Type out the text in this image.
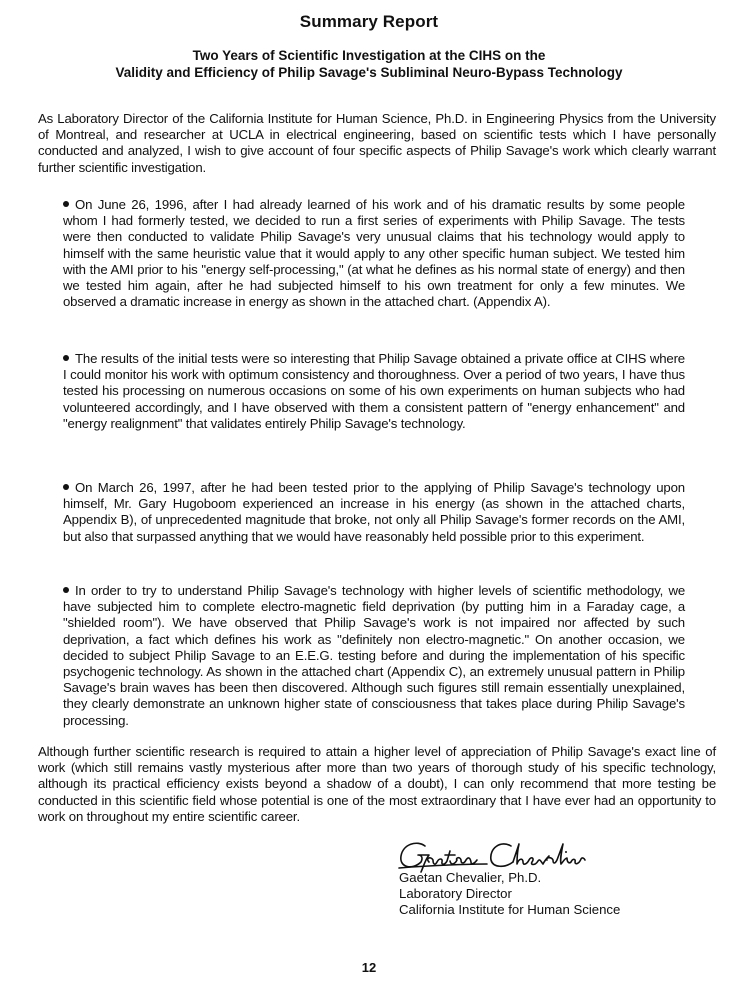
Summary Report
Two Years of Scientific Investigation at the CIHS on the
Validity and Efficiency of Philip Savage's Subliminal Neuro-Bypass Technology

As Laboratory Director of the California Institute for Human Science, Ph.D. in Engineering Physics from the University of Montreal, and researcher at UCLA in electrical engineering, based on scientific tests which I have personally conducted and analyzed, I wish to give account of four specific aspects of Philip Savage's work which clearly warrant further scientific investigation.

On June 26, 1996, after I had already learned of his work and of his dramatic results by some people whom I had formerly tested, we decided to run a first series of experiments with Philip Savage. The tests were then conducted to validate Philip Savage's very unusual claims that his technology would apply to himself with the same heuristic value that it would apply to any other specific human subject. We tested him with the AMI prior to his "energy self-processing," (at what he defines as his normal state of energy) and then we tested him again, after he had subjected himself to his own treatment for only a few minutes. We observed a dramatic increase in energy as shown in the attached chart. (Appendix A).

The results of the initial tests were so interesting that Philip Savage obtained a private office at CIHS where I could monitor his work with optimum consistency and thoroughness. Over a period of two years, I have thus tested his processing on numerous occasions on some of his own experiments on human subjects who had volunteered accordingly, and I have observed with them a consistent pattern of "energy enhancement" and "energy realignment" that validates entirely Philip Savage's technology.

On March 26, 1997, after he had been tested prior to the applying of Philip Savage's technology upon himself, Mr. Gary Hugoboom experienced an increase in his energy (as shown in the attached charts, Appendix B), of unprecedented magnitude that broke, not only all Philip Savage's former records on the AMI, but also that surpassed anything that we would have reasonably held possible prior to this experiment.

In order to try to understand Philip Savage's technology with higher levels of scientific methodology, we have subjected him to complete electro-magnetic field deprivation (by putting him in a Faraday cage, a "shielded room"). We have observed that Philip Savage's work is not impaired nor affected by such deprivation, a fact which defines his work as "definitely non electro-magnetic." On another occasion, we decided to subject Philip Savage to an E.E.G. testing before and during the implementation of his specific psychogenic technology. As shown in the attached chart (Appendix C), an extremely unusual pattern in Philip Savage's brain waves has been then discovered. Although such figures still remain essentially unexplained, they clearly demonstrate an unknown higher state of consciousness that takes place during Philip Savage's processing.

Although further scientific research is required to attain a higher level of appreciation of Philip Savage's exact line of work (which still remains vastly mysterious after more than two years of thorough study of his specific technology, although its practical efficiency exists beyond a shadow of a doubt), I can only recommend that more testing be conducted in this scientific field whose potential is one of the most extraordinary that I have ever had an opportunity to work on throughout my entire scientific career.

Gaetan Chevalier, Ph.D.
Laboratory Director
California Institute for Human Science
12
